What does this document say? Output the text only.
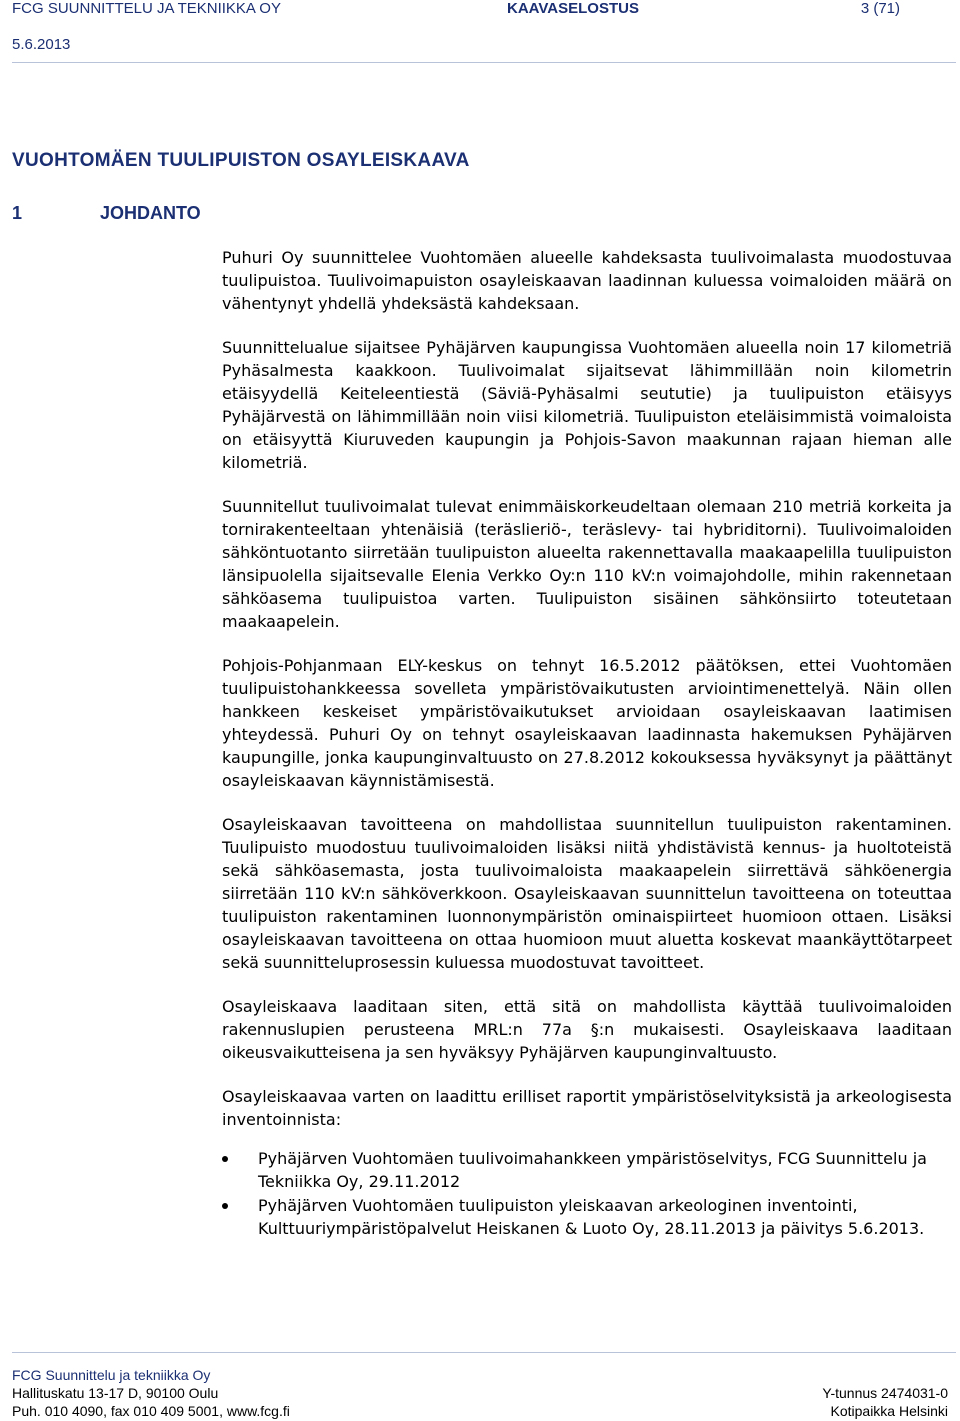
FCG SUUNNITTELU JA TEKNIIKKA OY
5.6.2013
KAAVASELOSTUS	3 (71)
VUOHTOMÄEN TUULIPUISTON OSAYLEISKAAVA
1	JOHDANTO

Puhuri Oy suunnittelee Vuohtomäen alueelle kahdeksasta tuulivoimalasta muodostuvaa tuulipuistoa. Tuulivoimapuiston osayleiskaavan laadinnan kuluessa voimaloiden määrä on vähentynyt yhdellä yhdeksästä kahdeksaan.

Suunnittelualue sijaitsee Pyhäjärven kaupungissa Vuohtomäen alueella noin 17 kilometriä Pyhäsalmesta kaakkoon. Tuulivoimalat sijaitsevat lähimmillään noin kilometrin etäisyydellä Keiteleentiestä (Säviä-Pyhäsalmi seututie) ja tuulipuiston etäisyys Pyhäjärvestä on lähimmillään noin viisi kilometriä. Tuulipuiston eteläisimmistä voimaloista on etäisyyttä Kiuruveden kaupungin ja Pohjois-Savon maakunnan rajaan hieman alle kilometriä.

Suunnitellut tuulivoimalat tulevat enimmäiskorkeudeltaan olemaan 210 metriä korkeita ja tornirakenteeltaan yhtenäisiä (teräslieriö-, teräslevy- tai hybriditorni). Tuulivoimaloiden sähköntuotanto siirretään tuulipuiston alueelta rakennettavalla maakaapelilla tuulipuiston länsipuolella sijaitsevalle Elenia Verkko Oy:n 110 kV:n voimajohdolle, mihin rakennetaan sähköasema tuulipuistoa varten. Tuulipuiston sisäinen sähkönsiirto toteutetaan maakaapelein.

Pohjois-Pohjanmaan ELY-keskus on tehnyt 16.5.2012 päätöksen, ettei Vuohtomäen tuulipuistohankkeessa sovelleta ympäristövaikutusten arviointimenettelyä. Näin ollen hankkeen keskeiset ympäristövaikutukset arvioidaan osayleiskaavan laatimisen yhteydessä. Puhuri Oy on tehnyt osayleiskaavan laadinnasta hakemuksen Pyhäjärven kaupungille, jonka kaupunginvaltuusto on 27.8.2012 kokouksessa hyväksynyt ja päättänyt osayleiskaavan käynnistämisestä.

Osayleiskaavan tavoitteena on mahdollistaa suunnitellun tuulipuiston rakentaminen. Tuulipuisto muodostuu tuulivoimaloiden lisäksi niitä yhdistävistä kennus- ja huoltoteistä sekä sähköasemasta, josta tuulivoimaloista maakaapelein siirrettävä sähköenergia siirretään 110 kV:n sähköverkkoon. Osayleiskaavan suunnittelun tavoitteena on toteuttaa tuulipuiston rakentaminen luonnonympäristön ominaispiirteet huomioon ottaen. Lisäksi osayleiskaavan tavoitteena on ottaa huomioon muut aluetta koskevat maankäyttötarpeet sekä suunnitteluprosessin kuluessa muodostuvat tavoitteet.

Osayleiskaava laaditaan siten, että sitä on mahdollista käyttää tuulivoimaloiden rakennuslupien perusteena MRL:n 77a §:n mukaisesti. Osayleiskaava laaditaan oikeusvaikutteisena ja sen hyväksyy Pyhäjärven kaupunginvaltuusto.

Osayleiskaavaa varten on laadittu erilliset raportit ympäristöselvityksistä ja arkeologisesta inventoinnista:

Pyhäjärven Vuohtomäen tuulivoimahankkeen ympäristöselvitys, FCG Suunnittelu ja Tekniikka Oy, 29.11.2012
Pyhäjärven Vuohtomäen tuulipuiston yleiskaavan arkeologinen inventointi, Kulttuuriympäristöpalvelut Heiskanen & Luoto Oy, 28.11.2013 ja päivitys 5.6.2013.
FCG Suunnittelu ja tekniikka Oy
Hallituskatu 13-17 D, 90100 Oulu
Puh. 010 4090, fax 010 409 5001, www.fcg.fi
Y-tunnus 2474031-0
Kotipaikka Helsinki
